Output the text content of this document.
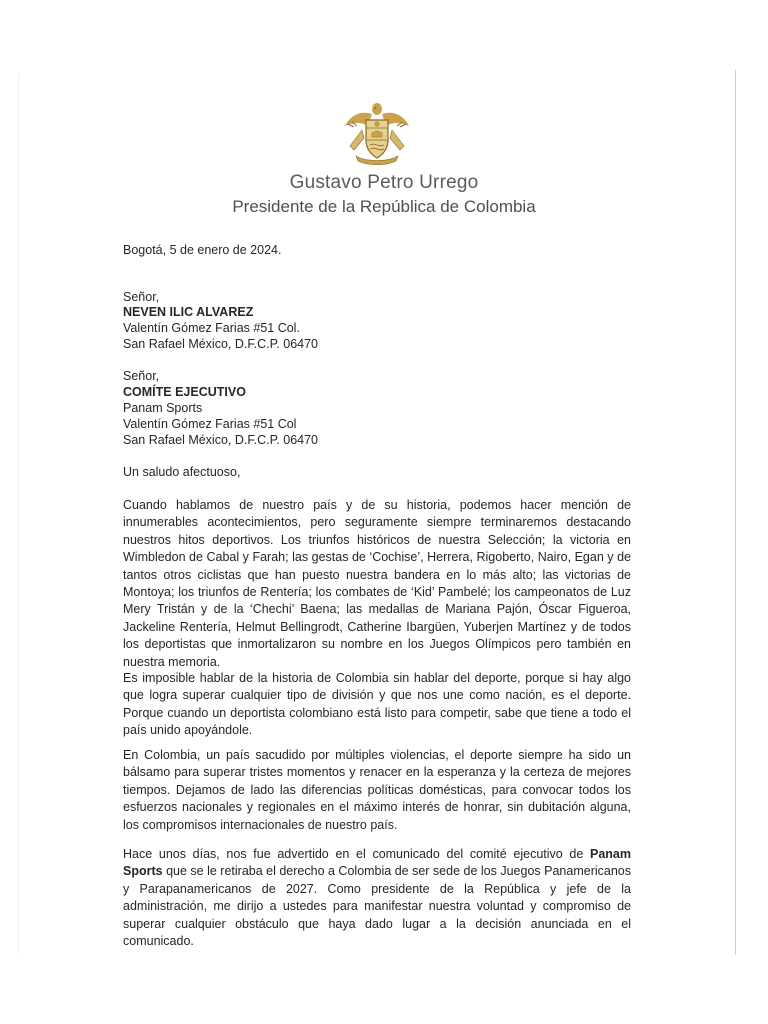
Gustavo Petro Urrego
Presidente de la República de Colombia
Bogotá, 5 de enero de 2024.
Señor,
NEVEN ILIC ALVAREZ
Valentín Gómez Farias #51 Col.
San Rafael México, D.F.C.P. 06470
Señor,
COMÍTE EJECUTIVO
Panam Sports
Valentín Gómez Farias #51 Col
San Rafael México, D.F.C.P. 06470
Un saludo afectuoso,
Cuando hablamos de nuestro país y de su historia, podemos hacer mención de innumerables acontecimientos, pero seguramente siempre terminaremos destacando nuestros hitos deportivos. Los triunfos históricos de nuestra Selección; la victoria en Wimbledon de Cabal y Farah; las gestas de ‘Cochise’, Herrera, Rigoberto, Nairo, Egan y de tantos otros ciclistas que han puesto nuestra bandera en lo más alto; las victorias de Montoya; los triunfos de Rentería; los combates de ‘Kid’ Pambelé; los campeonatos de Luz Mery Tristán y de la ‘Chechi’ Baena; las medallas de Mariana Pajón, Óscar Figueroa, Jackeline Rentería, Helmut Bellingrodt, Catherine Ibargüen, Yuberjen Martínez y de todos los deportistas que inmortalizaron su nombre en los Juegos Olímpicos pero también en nuestra memoria.
Es imposible hablar de la historia de Colombia sin hablar del deporte, porque si hay algo que logra superar cualquier tipo de división y que nos une como nación, es el deporte. Porque cuando un deportista colombiano está listo para competir, sabe que tiene a todo el país unido apoyándole.
En Colombia, un país sacudido por múltiples violencias, el deporte siempre ha sido un bálsamo para superar tristes momentos y renacer en la esperanza y la certeza de mejores tiempos. Dejamos de lado las diferencias políticas domésticas, para convocar todos los esfuerzos nacionales y regionales en el máximo interés de honrar, sin dubitación alguna, los compromisos internacionales de nuestro país.
Hace unos días, nos fue advertido en el comunicado del comité ejecutivo de Panam Sports que se le retiraba el derecho a Colombia de ser sede de los Juegos Panamericanos y Parapanamericanos de 2027. Como presidente de la República y jefe de la administración, me dirijo a ustedes para manifestar nuestra voluntad y compromiso de superar cualquier obstáculo que haya dado lugar a la decisión anunciada en el comunicado.
